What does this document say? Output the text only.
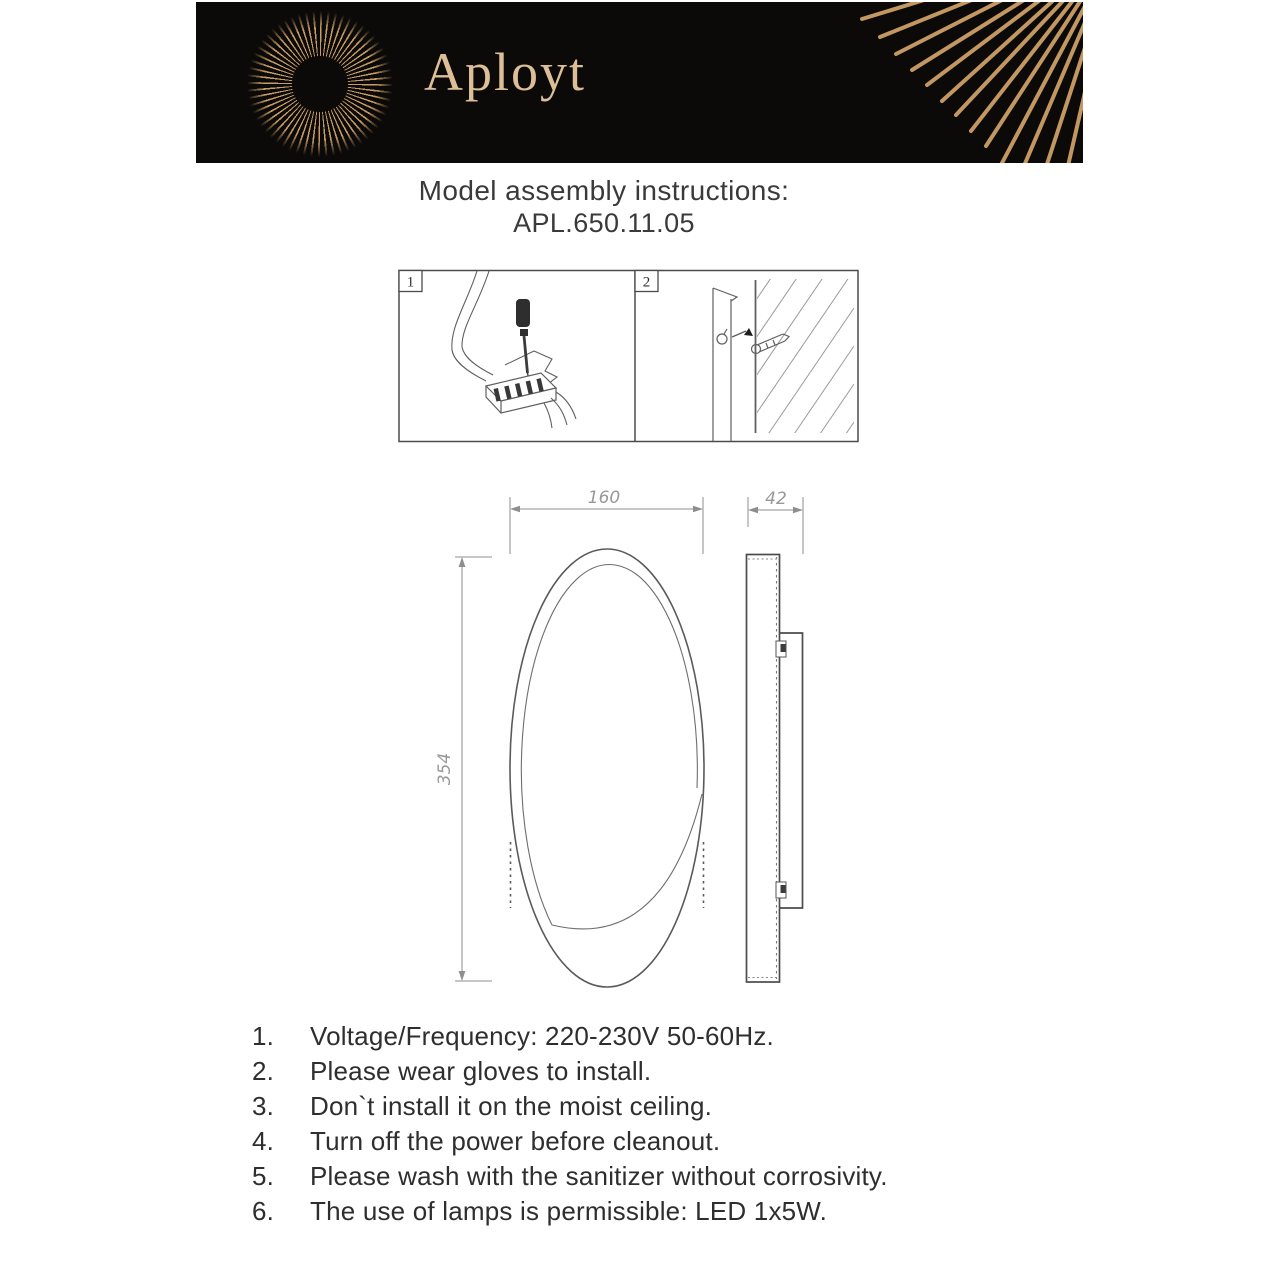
Aployt
Model assembly instructions:
APL.650.11.05
1	2
160	42
354
1.	Voltage/Frequency: 220-230V 50-60Hz.
2.	Please wear gloves to install.
3.	Don`t install it on the moist ceiling.
4.	Turn off the power before cleanout.
5.	Please wash with the sanitizer without corrosivity.
6.	The use of lamps is permissible: LED 1x5W.
